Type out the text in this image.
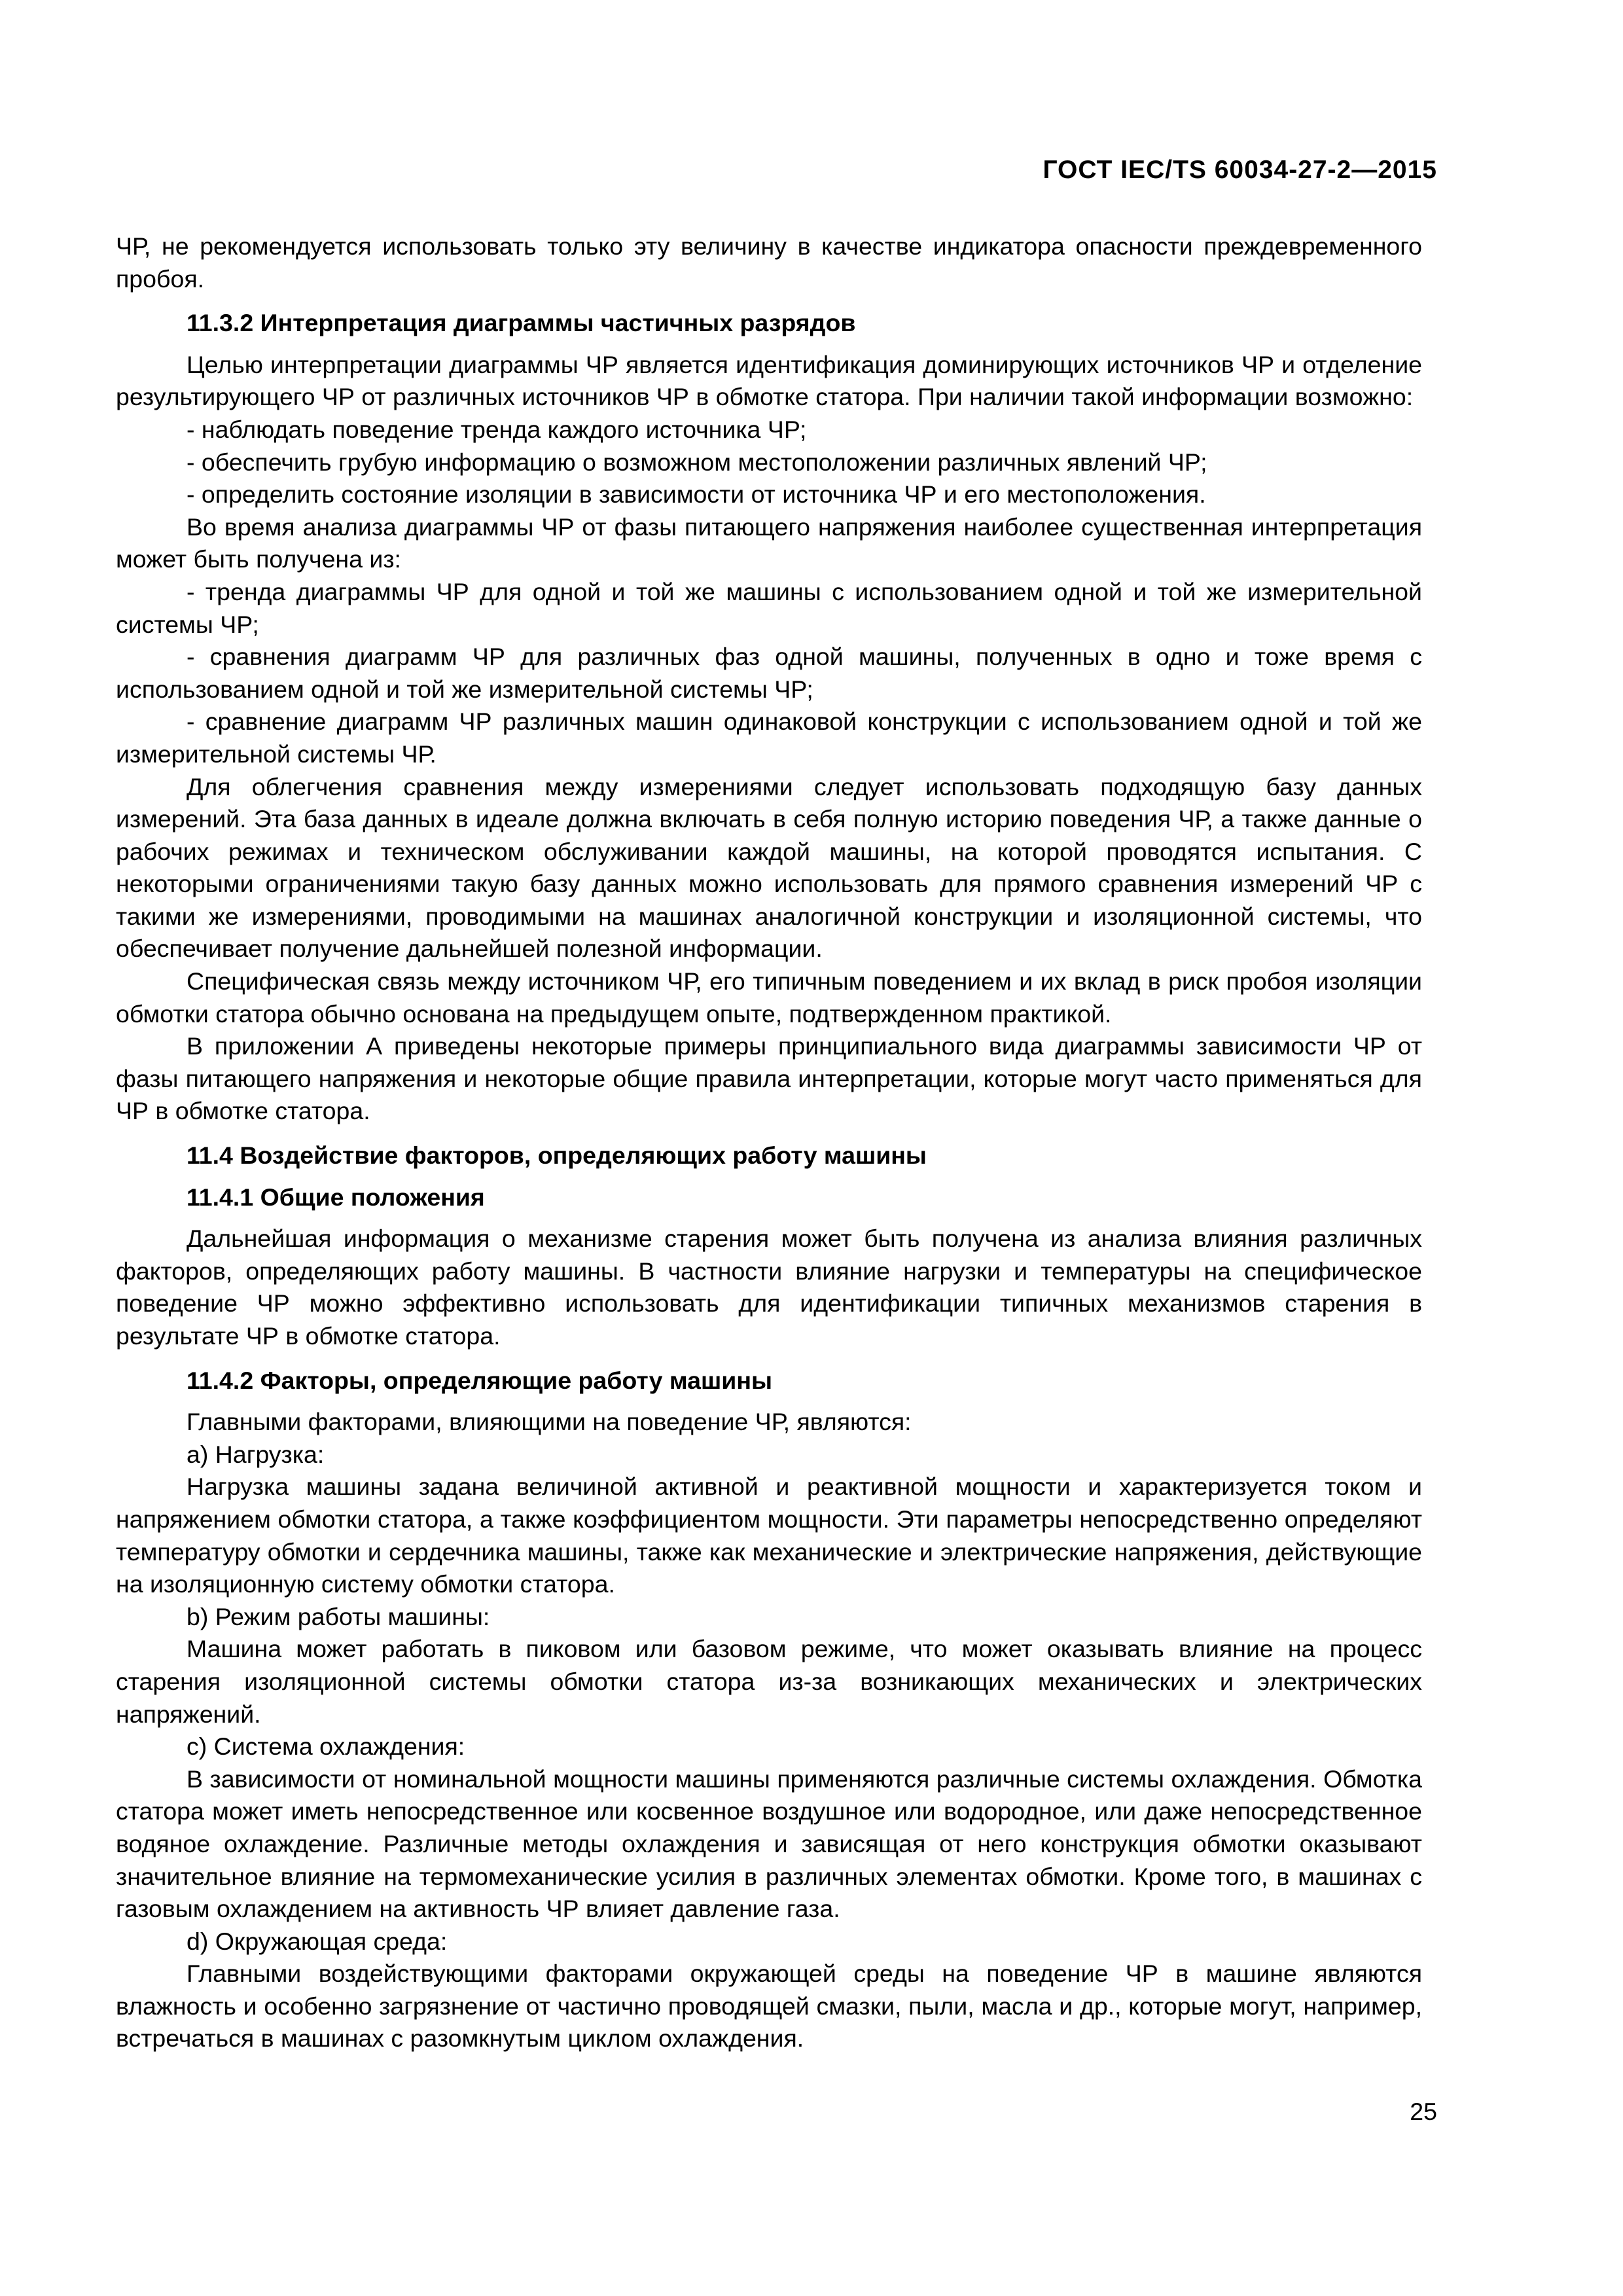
ГОСТ IEC/TS 60034-27-2—2015

ЧР, не рекомендуется использовать только эту величину в качестве индикатора опасности преждевременного пробоя.

11.3.2 Интерпретация диаграммы частичных разрядов

Целью интерпретации диаграммы ЧР является идентификация доминирующих источников ЧР и отделение результирующего ЧР от различных источников ЧР в обмотке статора. При наличии такой информации возможно:

- наблюдать поведение тренда каждого источника ЧР;

- обеспечить грубую информацию о возможном местоположении различных явлений ЧР;

- определить состояние изоляции в зависимости от источника ЧР и его местоположения.

Во время анализа диаграммы ЧР от фазы питающего напряжения наиболее существенная интерпретация может быть получена из:

- тренда диаграммы ЧР для одной и той же машины с использованием одной и той же измерительной системы ЧР;

- сравнения диаграмм ЧР для различных фаз одной машины, полученных в одно и тоже время с использованием одной и той же измерительной системы ЧР;

- сравнение диаграмм ЧР различных машин одинаковой конструкции с использованием одной и той же измерительной системы ЧР.

Для облегчения сравнения между измерениями следует использовать подходящую базу данных измерений. Эта база данных в идеале должна включать в себя полную историю поведения ЧР, а также данные о рабочих режимах и техническом обслуживании каждой машины, на которой проводятся испытания. С некоторыми ограничениями такую базу данных можно использовать для прямого сравнения измерений ЧР с такими же измерениями, проводимыми на машинах аналогичной конструкции и изоляционной системы, что обеспечивает получение дальнейшей полезной информации.

Специфическая связь между источником ЧР, его типичным поведением и их вклад в риск пробоя изоляции обмотки статора обычно основана на предыдущем опыте, подтвержденном практикой.

В приложении А приведены некоторые примеры принципиального вида диаграммы зависимости ЧР от фазы питающего напряжения и некоторые общие правила интерпретации, которые могут часто применяться для ЧР в обмотке статора.

11.4 Воздействие факторов, определяющих работу машины

11.4.1 Общие положения

Дальнейшая информация о механизме старения может быть получена из анализа влияния различных факторов, определяющих работу машины. В частности влияние нагрузки и температуры на специфическое поведение ЧР можно эффективно использовать для идентификации типичных механизмов старения в результате ЧР в обмотке статора.

11.4.2 Факторы, определяющие работу машины

Главными факторами, влияющими на поведение ЧР, являются:

а) Нагрузка:

Нагрузка машины задана величиной активной и реактивной мощности и характеризуется током и напряжением обмотки статора, а также коэффициентом мощности. Эти параметры непосредственно определяют температуру обмотки и сердечника машины, также как механические и электрические напряжения, действующие на изоляционную систему обмотки статора.

b) Режим работы машины:

Машина может работать в пиковом или базовом режиме, что может оказывать влияние на процесс старения изоляционной системы обмотки статора из-за возникающих механических и электрических напряжений.

с) Система охлаждения:

В зависимости от номинальной мощности машины применяются различные системы охлаждения. Обмотка статора может иметь непосредственное или косвенное воздушное или водородное, или даже непосредственное водяное охлаждение. Различные методы охлаждения и зависящая от него конструкция обмотки оказывают значительное влияние на термомеханические усилия в различных элементах обмотки. Кроме того, в машинах с газовым охлаждением на активность ЧР влияет давление газа.

d) Окружающая среда:

Главными воздействующими факторами окружающей среды на поведение ЧР в машине являются влажность и особенно загрязнение от частично проводящей смазки, пыли, масла и др., которые могут, например, встречаться в машинах с разомкнутым циклом охлаждения.

25
